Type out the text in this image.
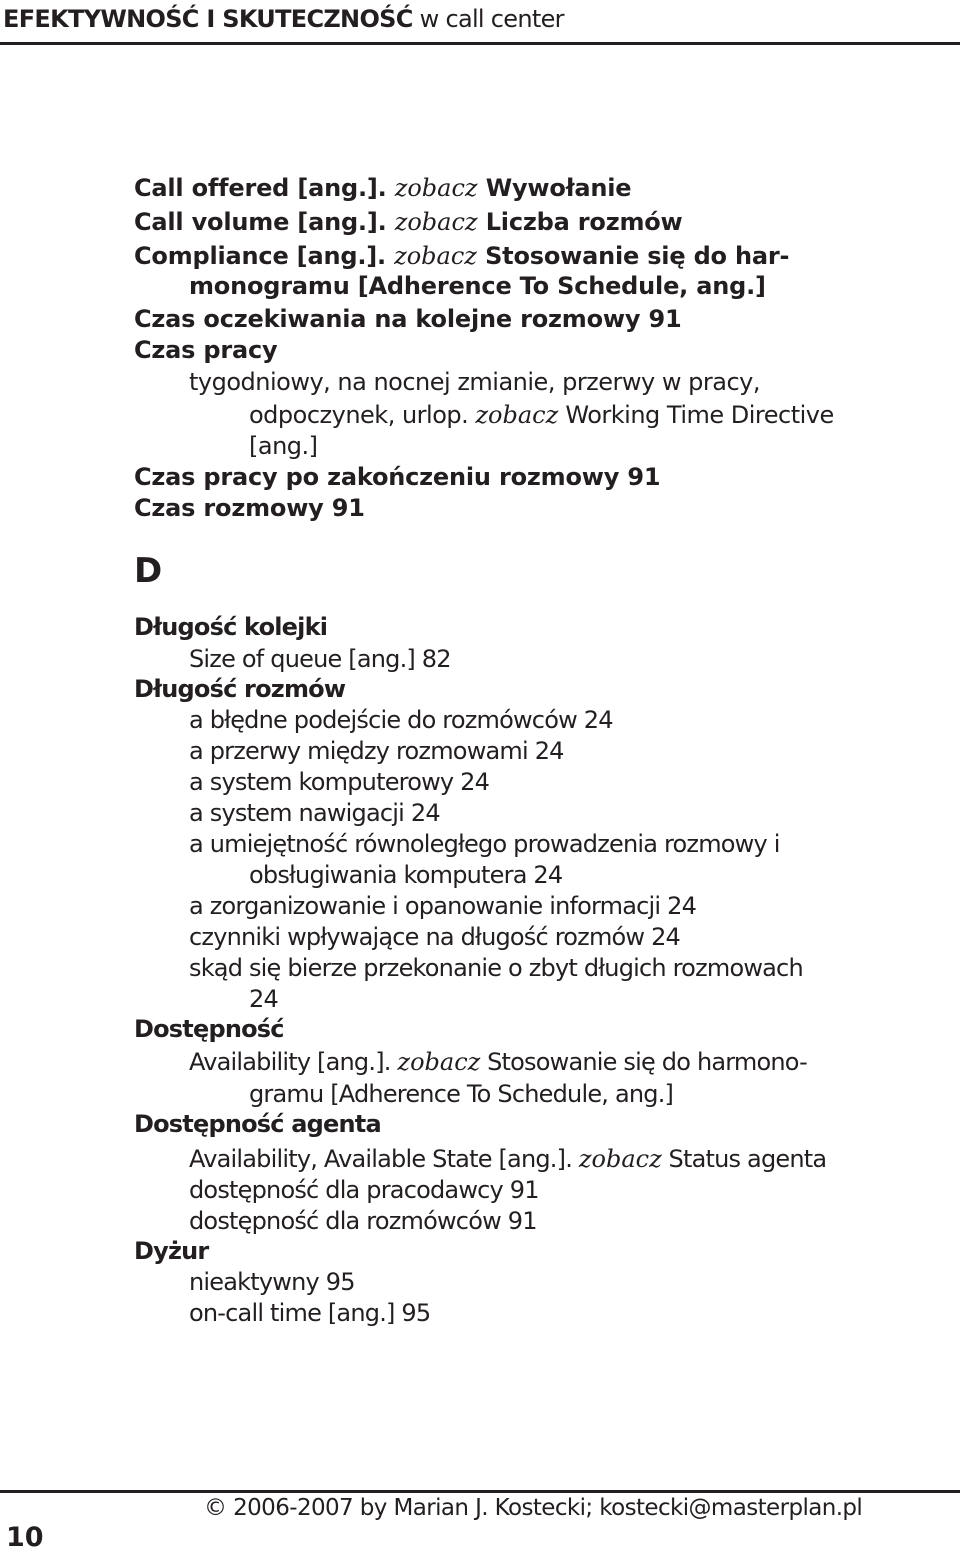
EFEKTYWNOŚĆ I SKUTECZNOŚĆ w call center
Call offered [ang.]. zobacz Wywołanie
Call volume [ang.]. zobacz Liczba rozmów
Compliance [ang.]. zobacz Stosowanie się do har-
monogramu [Adherence To Schedule, ang.]
Czas oczekiwania na kolejne rozmowy 91
Czas pracy
tygodniowy, na nocnej zmianie, przerwy w pracy,
odpoczynek, urlop. zobacz Working Time Directive
[ang.]
Czas pracy po zakończeniu rozmowy 91
Czas rozmowy 91
Długość kolejki
Size of queue [ang.] 82
Długość rozmów
a błędne podejście do rozmówców 24
a przerwy między rozmowami 24
a system komputerowy 24
a system nawigacji 24
a umiejętność równoległego prowadzenia rozmowy i
obsługiwania komputera 24
a zorganizowanie i opanowanie informacji 24
czynniki wpływające na długość rozmów 24
skąd się bierze przekonanie o zbyt długich rozmowach
24
Dostępność
Availability [ang.]. zobacz Stosowanie się do harmono-
gramu [Adherence To Schedule, ang.]
Dostępność agenta
Availability, Available State [ang.]. zobacz Status agenta
dostępność dla pracodawcy 91
dostępność dla rozmówców 91
Dyżur
nieaktywny 95
on-call time [ang.] 95
D
10
© 2006-2007 by Marian J. Kostecki; kostecki@masterplan.pl
